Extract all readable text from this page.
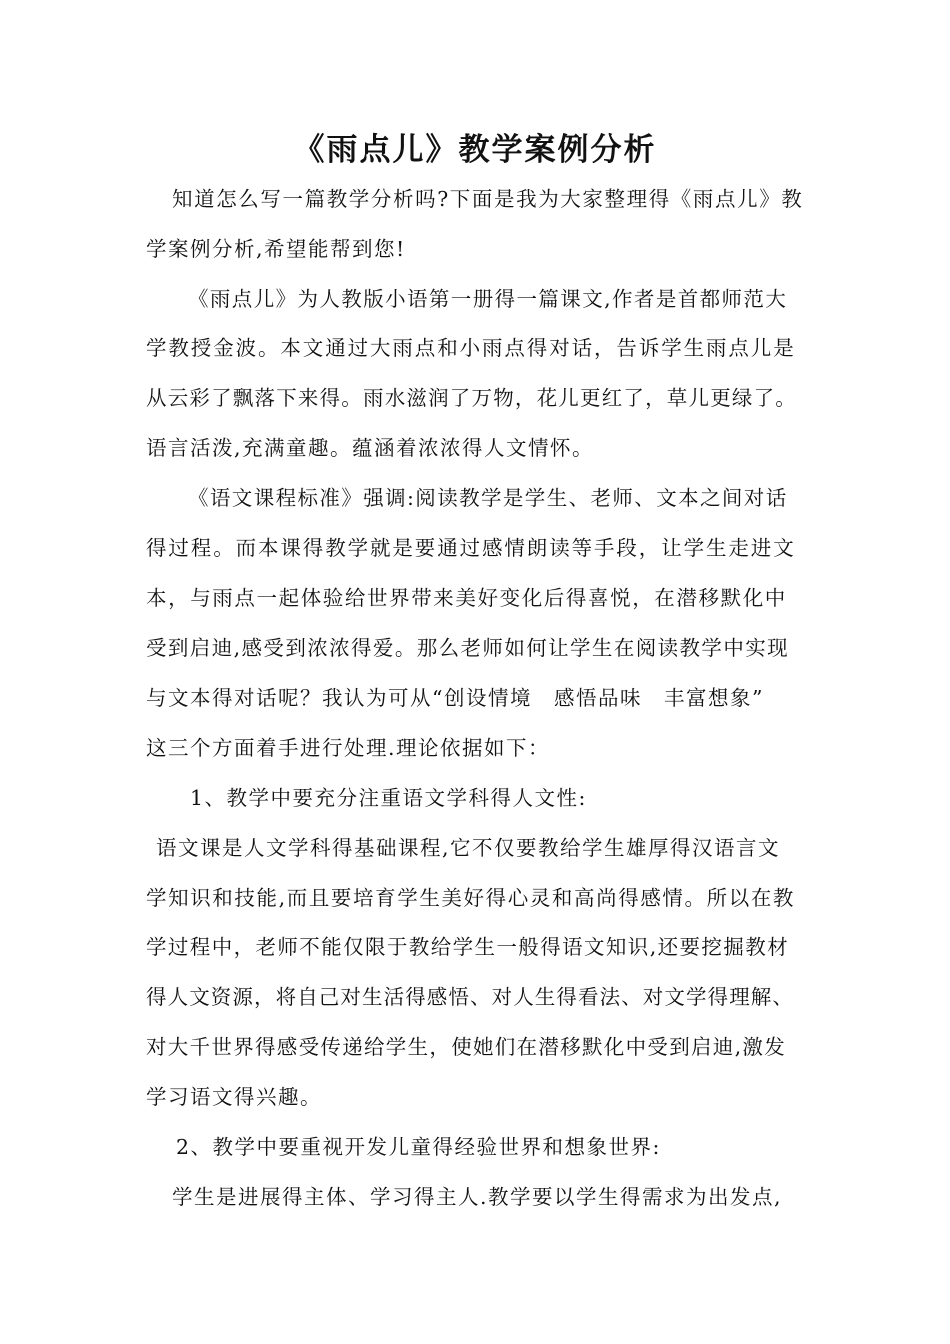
《雨点儿》教学案例分析
知道怎么写一篇教学分析吗?下面是我为大家整理得《雨点儿》教
学案例分析,希望能帮到您!
《雨点儿》为人教版小语第一册得一篇课文,作者是首都师范大
学教授金波。本文通过大雨点和小雨点得对话，告诉学生雨点儿是
从云彩了飘落下来得。雨水滋润了万物，花儿更红了，草儿更绿了。
语言活泼,充满童趣。蕴涵着浓浓得人文情怀。
《语文课程标准》强调:阅读教学是学生、老师、文本之间对话
得过程。而本课得教学就是要通过感情朗读等手段，让学生走进文
本，与雨点一起体验给世界带来美好变化后得喜悦，在潜移默化中
受到启迪,感受到浓浓得爱。那么老师如何让学生在阅读教学中实现
与文本得对话呢？我认为可从“创设情境　感悟品味　丰富想象”
这三个方面着手进行处理.理论依据如下：
1、教学中要充分注重语文学科得人文性:
语文课是人文学科得基础课程,它不仅要教给学生雄厚得汉语言文
学知识和技能,而且要培育学生美好得心灵和高尚得感情。所以在教
学过程中，老师不能仅限于教给学生一般得语文知识,还要挖掘教材
得人文资源，将自己对生活得感悟、对人生得看法、对文学得理解、
对大千世界得感受传递给学生，使她们在潜移默化中受到启迪,激发
学习语文得兴趣。
2、教学中要重视开发儿童得经验世界和想象世界:
学生是进展得主体、学习得主人.教学要以学生得需求为出发点,
